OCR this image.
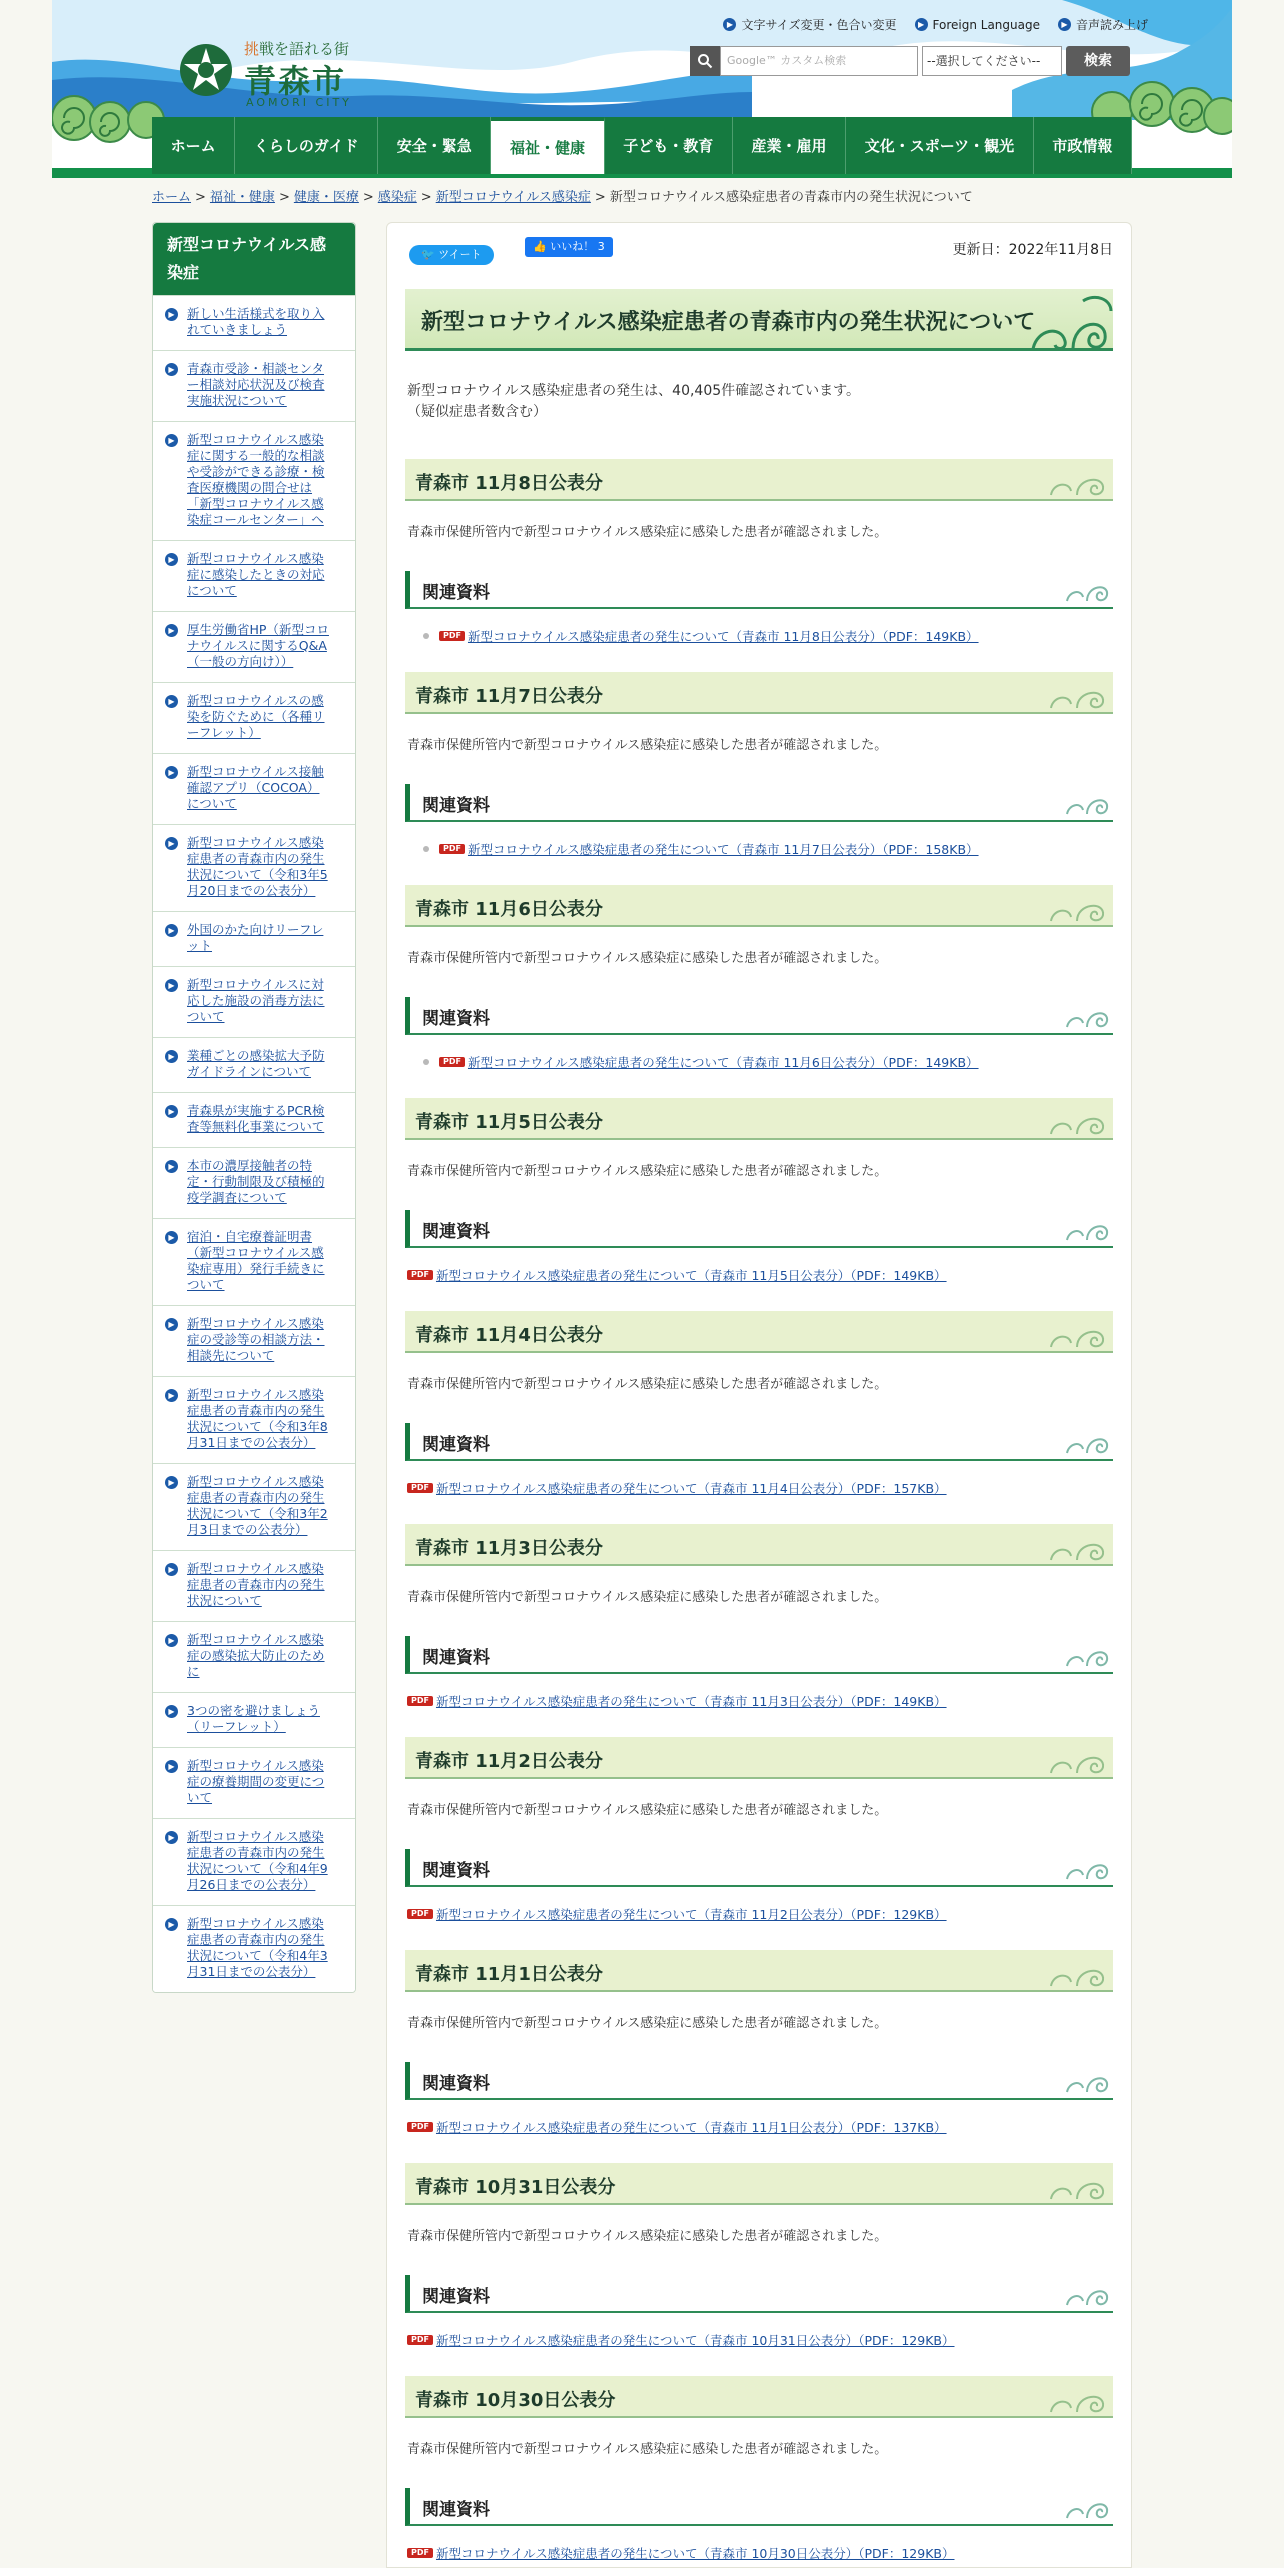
挑戦を語れる街
青森市
AOMORI CITY
▶ 文字サイズ変更・色合い変更	▶ Foreign Language	▶ 音声読み上げ
Google™ カスタム検索	--選択してください--	検索
ホーム	くらしのガイド	安全・緊急	福祉・健康	子ども・教育	産業・雇用	文化・スポーツ・観光	市政情報
ホーム > 福祉・健康 > 健康・医療 > 感染症 > 新型コロナウイルス感染症 > 新型コロナウイルス感染症患者の青森市内の発生状況について
新型コロナウイルス感染症
▶ 新しい生活様式を取り入
れていきましょう
▶ 青森市受診・相談センタ
ー相談対応状況及び検査
実施状況について
▶ 新型コロナウイルス感染
症に関する一般的な相談
や受診ができる診療・検
査医療機関の問合せは
「新型コロナウイルス感
染症コールセンター」へ
▶ 新型コロナウイルス感染
症に感染したときの対応
について
▶ 厚生労働省HP（新型コロ
ナウイルスに関するQ&A
（一般の方向け））
▶ 新型コロナウイルスの感
染を防ぐために（各種リ
ーフレット）
▶ 新型コロナウイルス接触
確認アプリ（COCOA）
について
▶ 新型コロナウイルス感染
症患者の青森市内の発生
状況について（令和3年5
月20日までの公表分）
▶ 外国のかた向けリーフレ
ット
▶ 新型コロナウイルスに対
応した施設の消毒方法に
ついて
▶ 業種ごとの感染拡大予防
ガイドラインについて
▶ 青森県が実施するPCR検
査等無料化事業について
▶ 本市の濃厚接触者の特
定・行動制限及び積極的
疫学調査について
▶ 宿泊・自宅療養証明書
（新型コロナウイルス感
染症専用）発行手続きに
ついて
▶ 新型コロナウイルス感染
症の受診等の相談方法・
相談先について
▶ 新型コロナウイルス感染
症患者の青森市内の発生
状況について（令和3年8
月31日までの公表分）
▶ 新型コロナウイルス感染
症患者の青森市内の発生
状況について（令和3年2
月3日までの公表分）
▶ 新型コロナウイルス感染
症患者の青森市内の発生
状況について
▶ 新型コロナウイルス感染
症の感染拡大防止のため
に
▶ 3つの密を避けましょう
（リーフレット）
▶ 新型コロナウイルス感染
症の療養期間の変更につ
いて
▶ 新型コロナウイルス感染
症患者の青森市内の発生
状況について（令和4年9
月26日までの公表分）
▶ 新型コロナウイルス感染
症患者の青森市内の発生
状況について（令和4年3
月31日までの公表分）
🐦 ツイート
👍 いいね！ 3	更新日：2022年11月8日
新型コロナウイルス感染症患者の青森市内の発生状況について

新型コロナウイルス感染症患者の発生は、40,405件確認されています。

（疑似症患者数含む）

青森市 11月8日公表分

青森市保健所管内で新型コロナウイルス感染症に感染した患者が確認されました。

関連資料
PDF 新型コロナウイルス感染症患者の発生について（青森市 11月8日公表分）（PDF：149KB）
青森市 11月7日公表分

青森市保健所管内で新型コロナウイルス感染症に感染した患者が確認されました。

関連資料
PDF 新型コロナウイルス感染症患者の発生について（青森市 11月7日公表分）（PDF：158KB）
青森市 11月6日公表分

青森市保健所管内で新型コロナウイルス感染症に感染した患者が確認されました。

関連資料
PDF 新型コロナウイルス感染症患者の発生について（青森市 11月6日公表分）（PDF：149KB）
青森市 11月5日公表分

青森市保健所管内で新型コロナウイルス感染症に感染した患者が確認されました。

関連資料
PDF 新型コロナウイルス感染症患者の発生について（青森市 11月5日公表分）（PDF：149KB）
青森市 11月4日公表分

青森市保健所管内で新型コロナウイルス感染症に感染した患者が確認されました。

関連資料
PDF 新型コロナウイルス感染症患者の発生について（青森市 11月4日公表分）（PDF：157KB）
青森市 11月3日公表分

青森市保健所管内で新型コロナウイルス感染症に感染した患者が確認されました。

関連資料
PDF 新型コロナウイルス感染症患者の発生について（青森市 11月3日公表分）（PDF：149KB）
青森市 11月2日公表分

青森市保健所管内で新型コロナウイルス感染症に感染した患者が確認されました。

関連資料
PDF 新型コロナウイルス感染症患者の発生について（青森市 11月2日公表分）（PDF：129KB）
青森市 11月1日公表分

青森市保健所管内で新型コロナウイルス感染症に感染した患者が確認されました。

関連資料
PDF 新型コロナウイルス感染症患者の発生について（青森市 11月1日公表分）（PDF：137KB）
青森市 10月31日公表分

青森市保健所管内で新型コロナウイルス感染症に感染した患者が確認されました。

関連資料
PDF 新型コロナウイルス感染症患者の発生について（青森市 10月31日公表分）（PDF：129KB）
青森市 10月30日公表分

青森市保健所管内で新型コロナウイルス感染症に感染した患者が確認されました。

関連資料
PDF 新型コロナウイルス感染症患者の発生について（青森市 10月30日公表分）（PDF：129KB）
